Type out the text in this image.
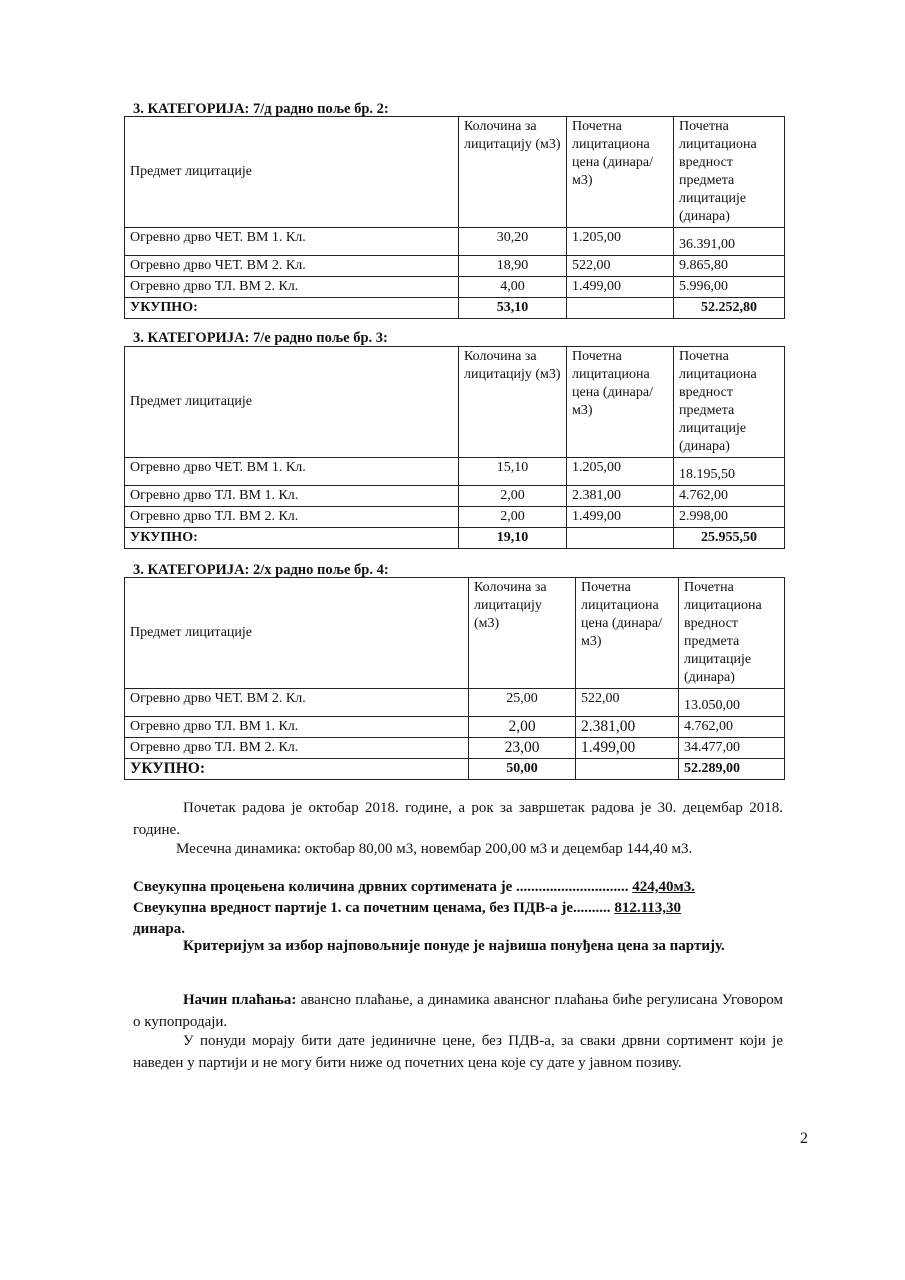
3. КАТЕГОРИЈА: 7/д радно поље бр. 2:

Предмет лицитације	Колочина за лицитацију (м3)	Почетна лицитациона цена (динара/м3)	Почетна лицитациона вредност предмета лицитације (динара)
Огревно дрво ЧЕТ. ВМ 1. Кл.	30,20	1.205,00	36.391,00
Огревно дрво ЧЕТ. ВМ 2. Кл.	18,90	522,00	9.865,80
Огревно дрво ТЛ. ВМ 2. Кл.	4,00	1.499,00	5.996,00
УКУПНО:	53,10		52.252,80

3. КАТЕГОРИЈА: 7/е радно поље бр. 3:

Предмет лицитације	Колочина за лицитацију (м3)	Почетна лицитациона цена (динара/м3)	Почетна лицитациона вредност предмета лицитације (динара)
Огревно дрво ЧЕТ. ВМ 1. Кл.	15,10	1.205,00	18.195,50
Огревно дрво ТЛ. ВМ 1. Кл.	2,00	2.381,00	4.762,00
Огревно дрво ТЛ. ВМ 2. Кл.	2,00	1.499,00	2.998,00
УКУПНО:	19,10		25.955,50

3. КАТЕГОРИЈА: 2/х радно поље бр. 4:

Предмет лицитације	Колочина за лицитацију (м3)	Почетна лицитациона цена (динара/м3)	Почетна лицитациона вредност предмета лицитације (динара)
Огревно дрво ЧЕТ. ВМ 2. Кл.	25,00	522,00	13.050,00
Огревно дрво ТЛ. ВМ 1. Кл.	2,00	2.381,00	4.762,00
Огревно дрво ТЛ. ВМ 2. Кл.	23,00	1.499,00	34.477,00
УКУПНО:	50,00		52.289,00

Почетак радова је октобар 2018. године, а рок за завршетак радова је 30. децембар 2018. године.

Месечна динамика: октобар 80,00 м3, новембар 200,00 м3 и децембар 144,40 м3.

Свеукупна процењена количина дрвних сортимената је .............................. 424,40м3.

Свеукупна вредност партије 1. са почетним ценама, без ПДВ-а је.......... 812.113,30

динара.

Критеријум за избор најповољније понуде је највиша понуђена цена за партију.

Начин плаћања: авансно плаћање, а динамика авансног плаћања биће регулисана Уговором о купопродаји.

У понуди морају бити дате јединичне цене, без ПДВ-а, за сваки дрвни сортимент који је наведен у партији и не могу бити ниже од почетних цена које су дате у јавном позиву.

2
